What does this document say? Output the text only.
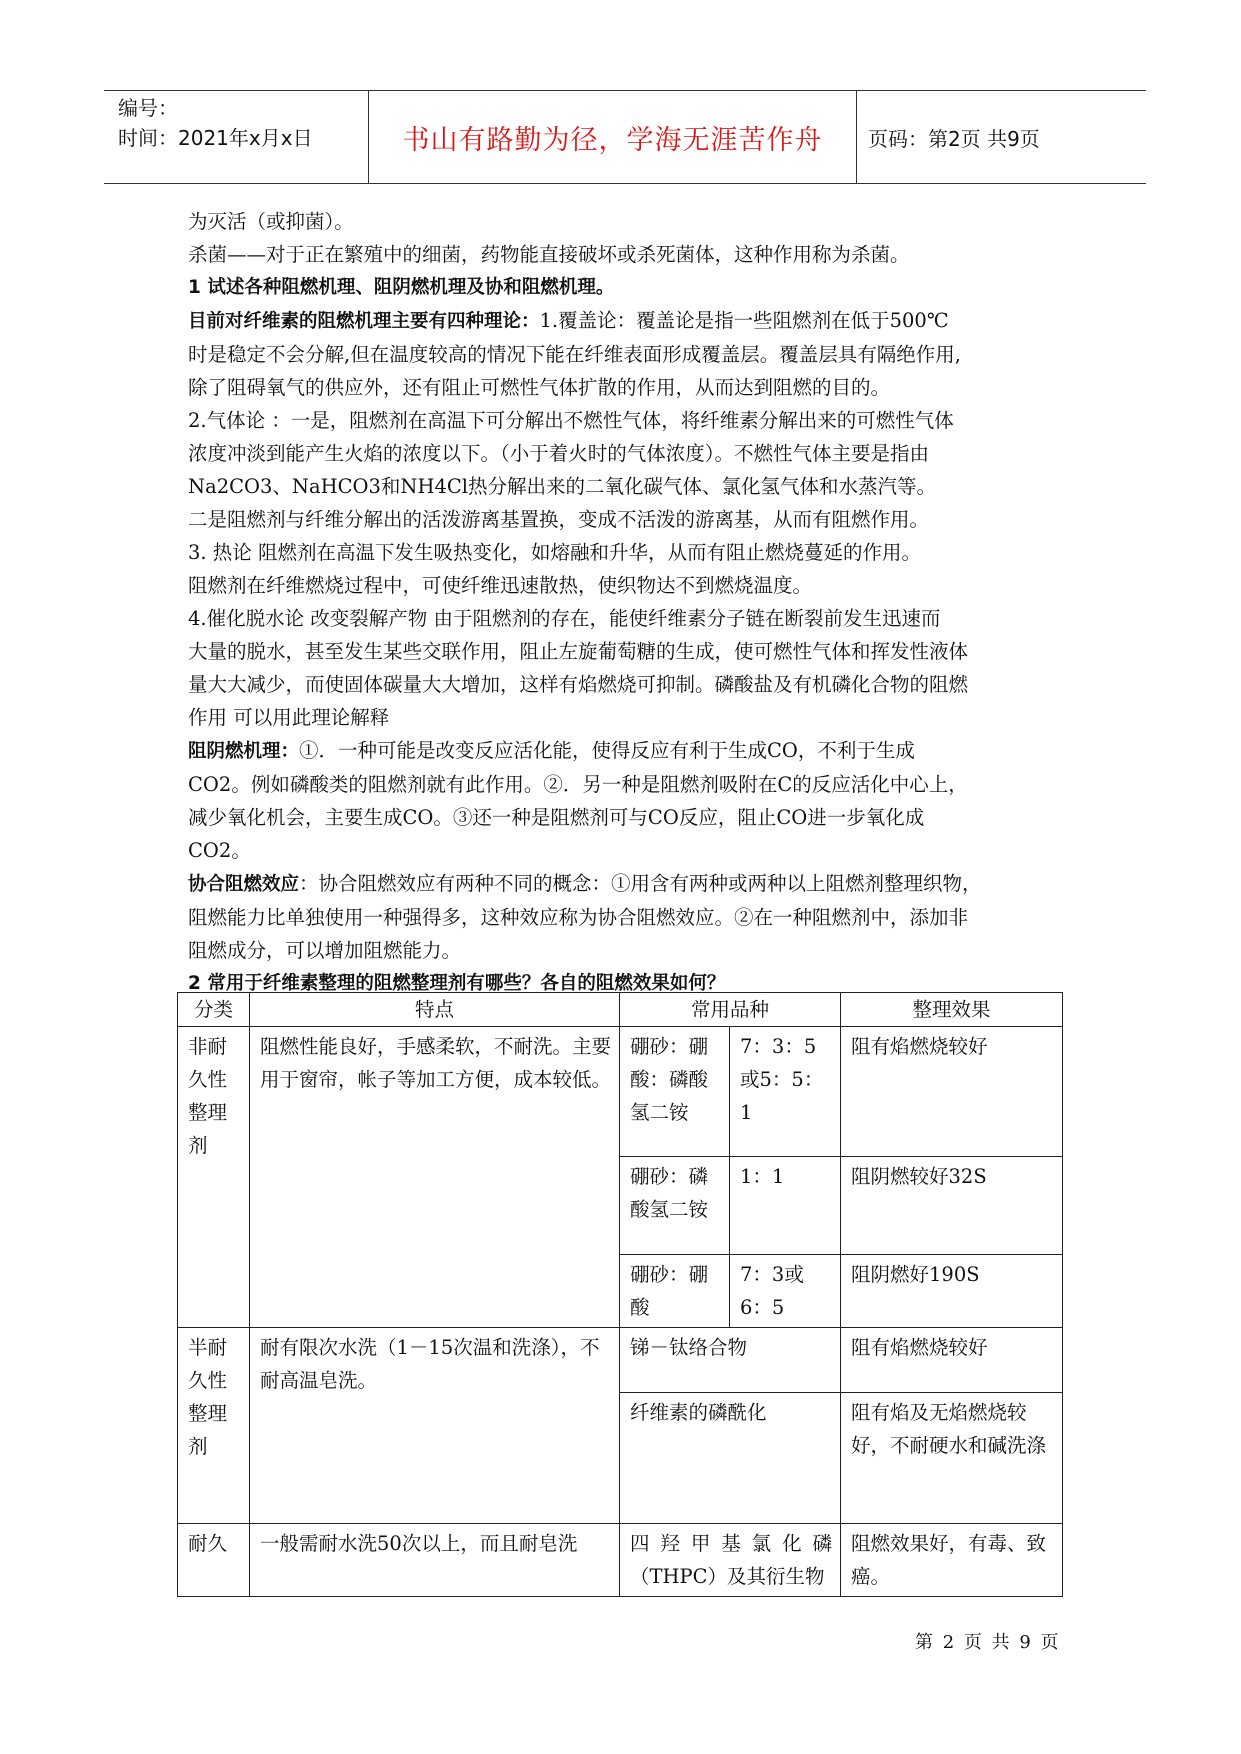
编号：
时间：2021年x月x日	书山有路勤为径，学海无涯苦作舟	页码：第2页 共9页

为灭活（或抑菌）。

杀菌——对于正在繁殖中的细菌，药物能直接破坏或杀死菌体，这种作用称为杀菌。

1 试述各种阻燃机理、阻阴燃机理及协和阻燃机理。

目前对纤维素的阻燃机理主要有四种理论：1.覆盖论：覆盖论是指一些阻燃剂在低于500℃

时是稳定不会分解,但在温度较高的情况下能在纤维表面形成覆盖层。覆盖层具有隔绝作用,

除了阻碍氧气的供应外，还有阻止可燃性气体扩散的作用，从而达到阻燃的目的。

2.气体论 ：一是，阻燃剂在高温下可分解出不燃性气体，将纤维素分解出来的可燃性气体

浓度冲淡到能产生火焰的浓度以下。（小于着火时的气体浓度）。不燃性气体主要是指由

Na2CO3、NaHCO3和NH4Cl热分解出来的二氧化碳气体、氯化氢气体和水蒸汽等。

二是阻燃剂与纤维分解出的活泼游离基置换，变成不活泼的游离基，从而有阻燃作用。

3. 热论 阻燃剂在高温下发生吸热变化，如熔融和升华，从而有阻止燃烧蔓延的作用。

阻燃剂在纤维燃烧过程中，可使纤维迅速散热，使织物达不到燃烧温度。

4.催化脱水论 改变裂解产物 由于阻燃剂的存在，能使纤维素分子链在断裂前发生迅速而

大量的脱水，甚至发生某些交联作用，阻止左旋葡萄糖的生成，使可燃性气体和挥发性液体

量大大减少，而使固体碳量大大增加，这样有焰燃烧可抑制。磷酸盐及有机磷化合物的阻燃

作用 可以用此理论解释

阻阴燃机理：①．一种可能是改变反应活化能，使得反应有利于生成CO，不利于生成

CO2。例如磷酸类的阻燃剂就有此作用。②．另一种是阻燃剂吸附在C的反应活化中心上，

减少氧化机会，主要生成CO。③还一种是阻燃剂可与CO反应，阻止CO进一步氧化成

CO2。

协合阻燃效应：协合阻燃效应有两种不同的概念：①用含有两种或两种以上阻燃剂整理织物，

阻燃能力比单独使用一种强得多，这种效应称为协合阻燃效应。②在一种阻燃剂中，添加非

阻燃成分，可以增加阻燃能力。

2 常用于纤维素整理的阻燃整理剂有哪些？各自的阻燃效果如何？

分类	特点	常用品种		整理效果
非耐久性整理剂	阻燃性能良好，手感柔软，不耐洗。主要用于窗帘，帐子等加工方便，成本较低。	硼砂：硼酸：磷酸氢二铵	7：3：5或5：5：1	阻有焰燃烧较好
		硼砂：磷酸氢二铵	1：1	阻阴燃较好32S
		硼砂：硼酸	7：3或6：5	阻阴燃好190S
半耐久性整理剂	耐有限次水洗（1－15次温和洗涤），不耐高温皂洗。	锑－钛络合物		阻有焰燃烧较好
		纤维素的磷酰化		阻有焰及无焰燃烧较好，不耐硬水和碱洗涤
耐久	一般需耐水洗50次以上，而且耐皂洗	四羟甲基氯化磷（THPC）及其衍生物		阻燃效果好，有毒、致癌。
第 2 页 共 9 页
